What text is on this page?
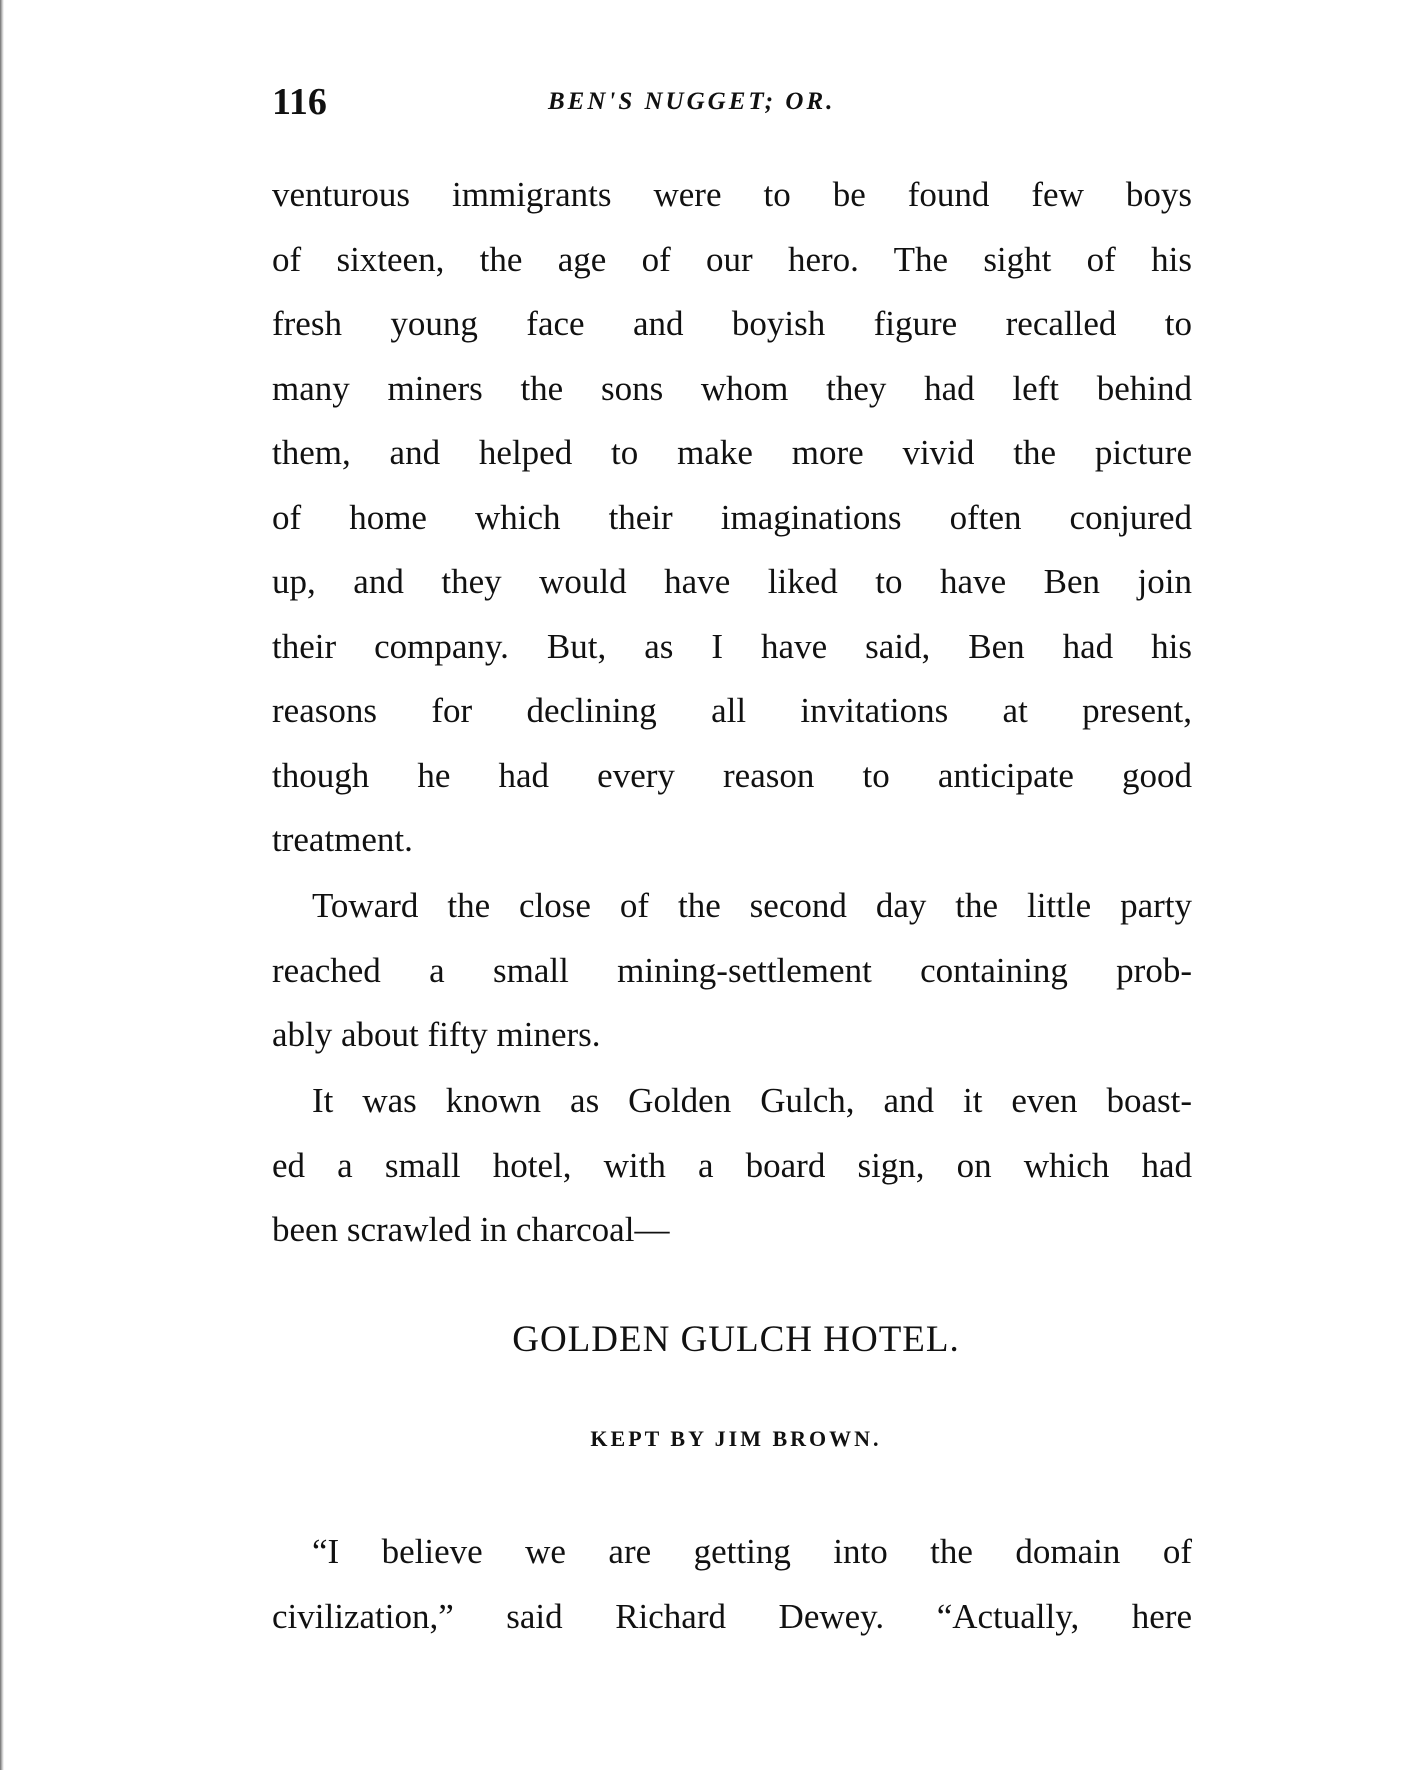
116	BEN'S NUGGET; OR.
venturous immigrants were to be found few boys
of sixteen, the age of our hero. The sight of his
fresh young face and boyish figure recalled to
many miners the sons whom they had left behind
them, and helped to make more vivid the picture
of home which their imaginations often conjured
up, and they would have liked to have Ben join
their company. But, as I have said, Ben had his
reasons for declining all invitations at present,
though he had every reason to anticipate good
treatment.
Toward the close of the second day the little party
reached a small mining-settlement containing prob-
ably about fifty miners.
It was known as Golden Gulch, and it even boast-
ed a small hotel, with a board sign, on which had
been scrawled in charcoal—
GOLDEN GULCH HOTEL.
KEPT BY JIM BROWN.
“I believe we are getting into the domain of
civilization,” said Richard Dewey. “Actually, here
